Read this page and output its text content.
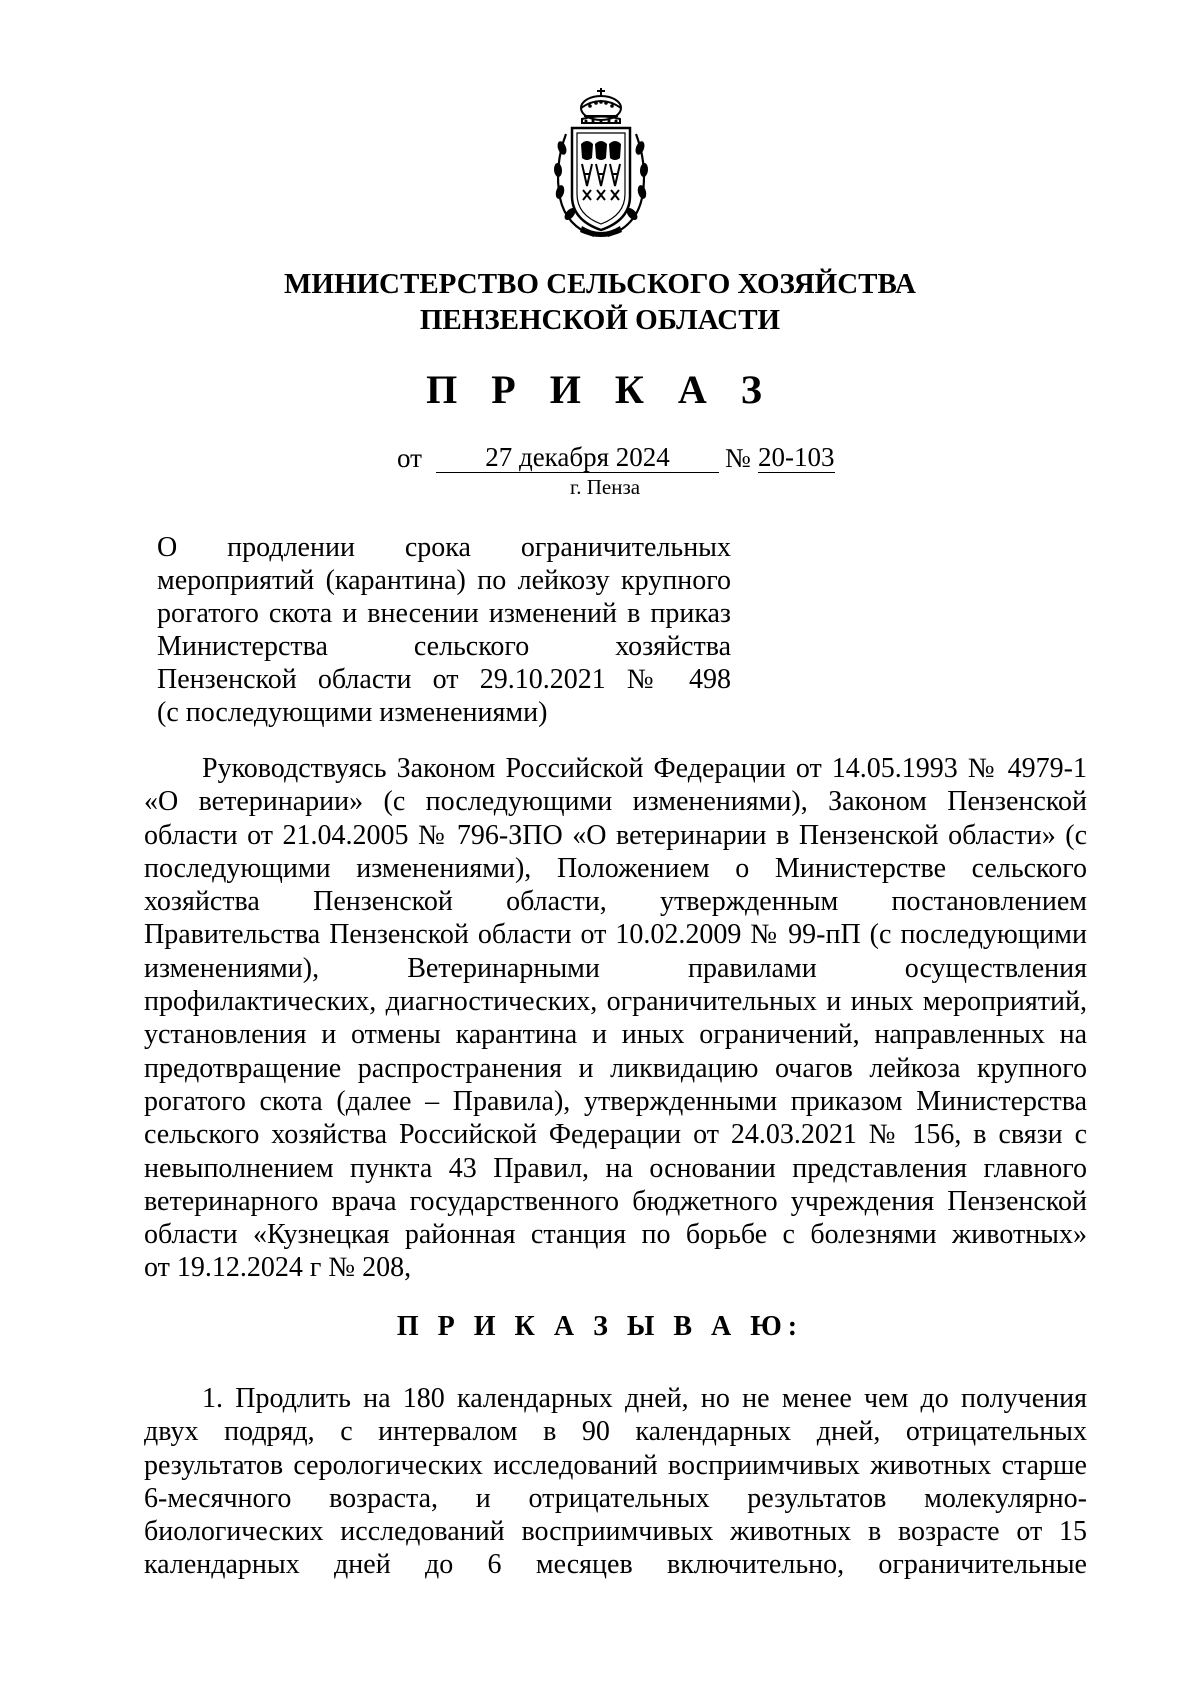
МИНИСТЕРСТВО СЕЛЬСКОГО ХОЗЯЙСТВА
ПЕНЗЕНСКОЙ ОБЛАСТИ
П Р И К А З
от	27 декабря 2024	№ 20-103
г. Пенза
О продлении срока ограничительных
мероприятий (карантина) по лейкозу крупного
рогатого скота и внесении изменений в приказ
Министерства сельского хозяйства
Пензенской области от 29.10.2021 № 498
(с последующими изменениями)
Руководствуясь Законом Российской Федерации от 14.05.1993 № 4979-1
«О ветеринарии» (с последующими изменениями), Законом Пензенской
области от 21.04.2005 № 796-ЗПО «О ветеринарии в Пензенской области» (с
последующими изменениями), Положением о Министерстве сельского
хозяйства Пензенской области, утвержденным постановлением
Правительства Пензенской области от 10.02.2009 № 99-пП (с последующими
изменениями), Ветеринарными правилами осуществления
профилактических, диагностических, ограничительных и иных мероприятий,
установления и отмены карантина и иных ограничений, направленных на
предотвращение распространения и ликвидацию очагов лейкоза крупного
рогатого скота (далее – Правила), утвержденными приказом Министерства
сельского хозяйства Российской Федерации от 24.03.2021 № 156, в связи с
невыполнением пункта 43 Правил, на основании представления главного
ветеринарного врача государственного бюджетного учреждения Пензенской
области «Кузнецкая районная станция по борьбе с болезнями животных»
от 19.12.2024 г № 208,
П Р И К А З Ы В А Ю:
1. Продлить на 180 календарных дней, но не менее чем до получения
двух подряд, с интервалом в 90 календарных дней, отрицательных
результатов серологических исследований восприимчивых животных старше
6-месячного возраста, и отрицательных результатов молекулярно-
биологических исследований восприимчивых животных в возрасте от 15
календарных дней до 6 месяцев включительно, ограничительные
